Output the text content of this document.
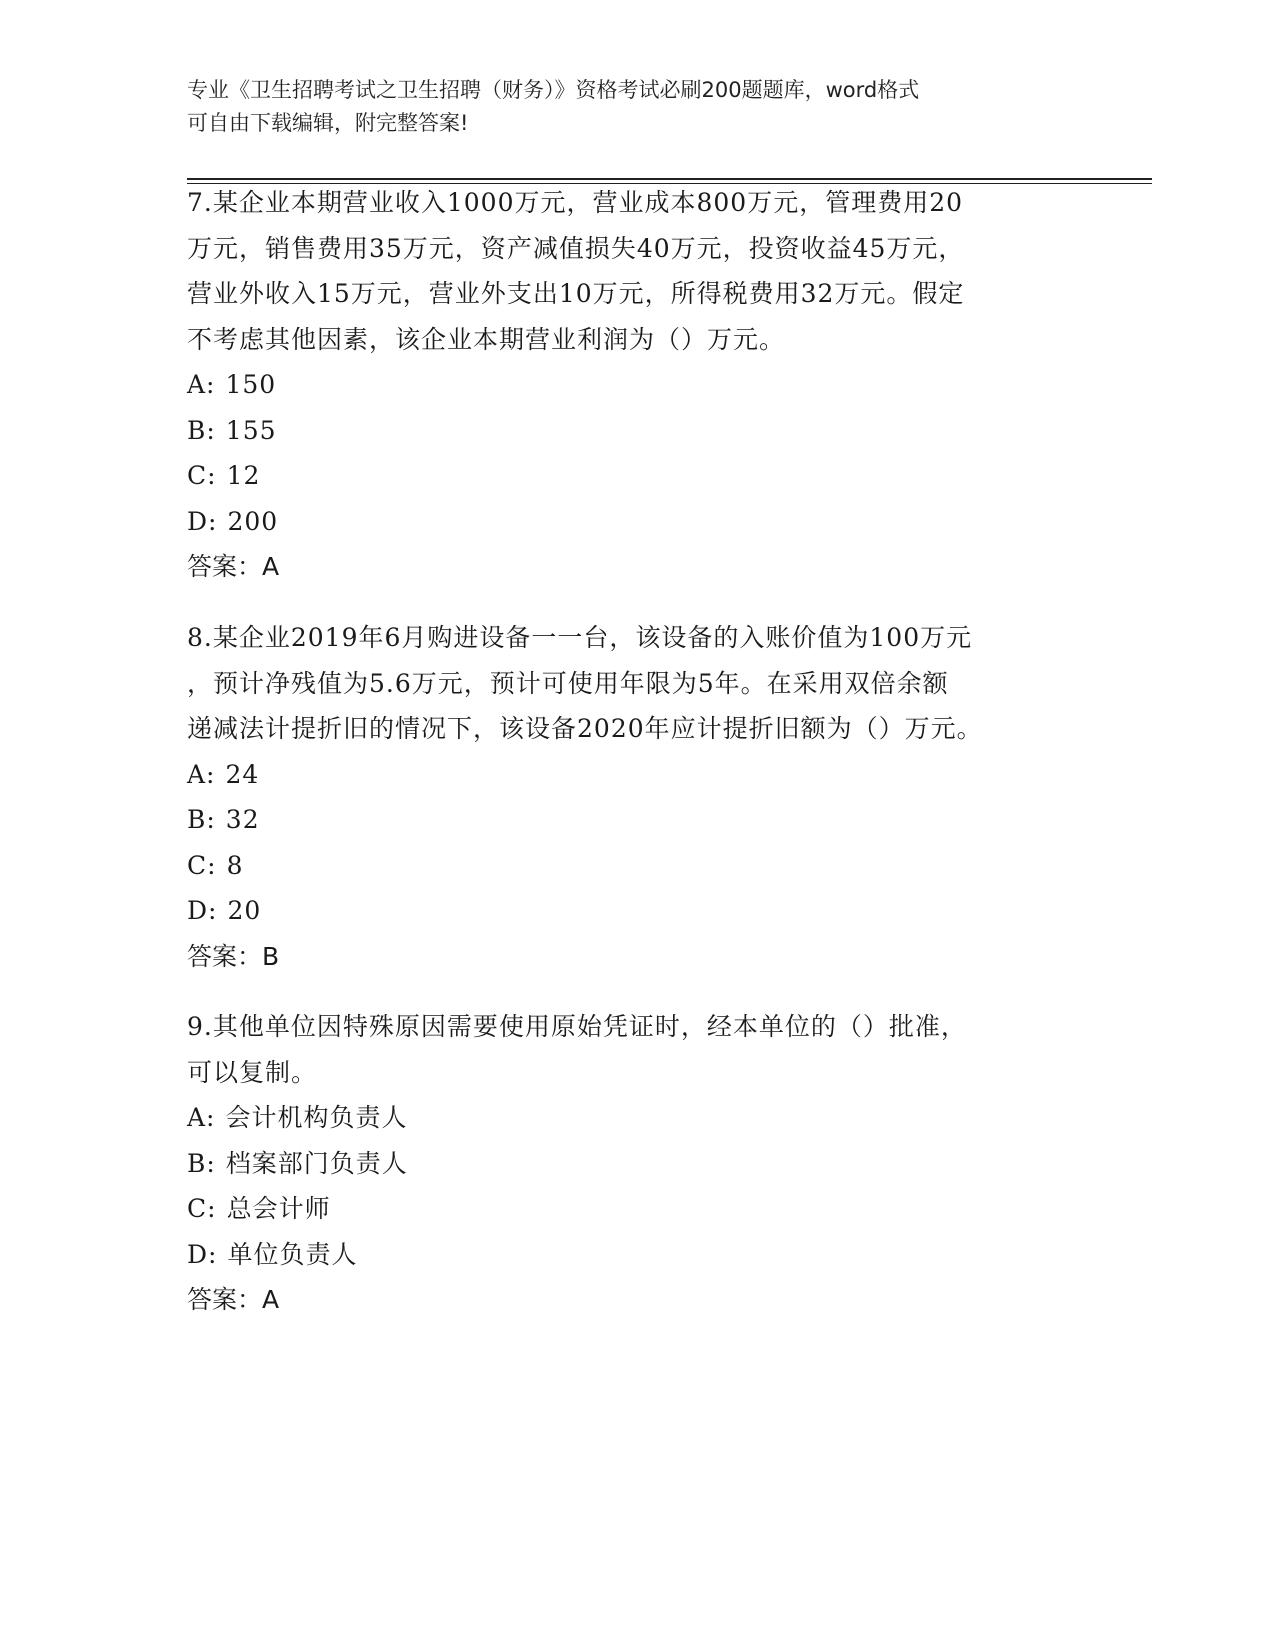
专业《卫生招聘考试之卫生招聘（财务）》资格考试必刷200题题库，word格式
可自由下载编辑，附完整答案!

7.某企业本期营业收入1000万元，营业成本800万元，管理费用20

万元，销售费用35万元，资产减值损失40万元，投资收益45万元，

营业外收入15万元，营业外支出10万元，所得税费用32万元。假定

不考虑其他因素，该企业本期营业利润为（）万元。

A: 150

B: 155

C: 12

D: 200

答案：A

8.某企业2019年6月购进设备一一台，该设备的入账价值为100万元

，预计净残值为5.6万元，预计可使用年限为5年。在采用双倍余额

递减法计提折旧的情况下，该设备2020年应计提折旧额为（）万元。

A: 24

B: 32

C: 8

D: 20

答案：B

9.其他单位因特殊原因需要使用原始凭证时，经本单位的（）批准，

可以复制。

A: 会计机构负责人

B: 档案部门负责人

C: 总会计师

D: 单位负责人

答案：A
